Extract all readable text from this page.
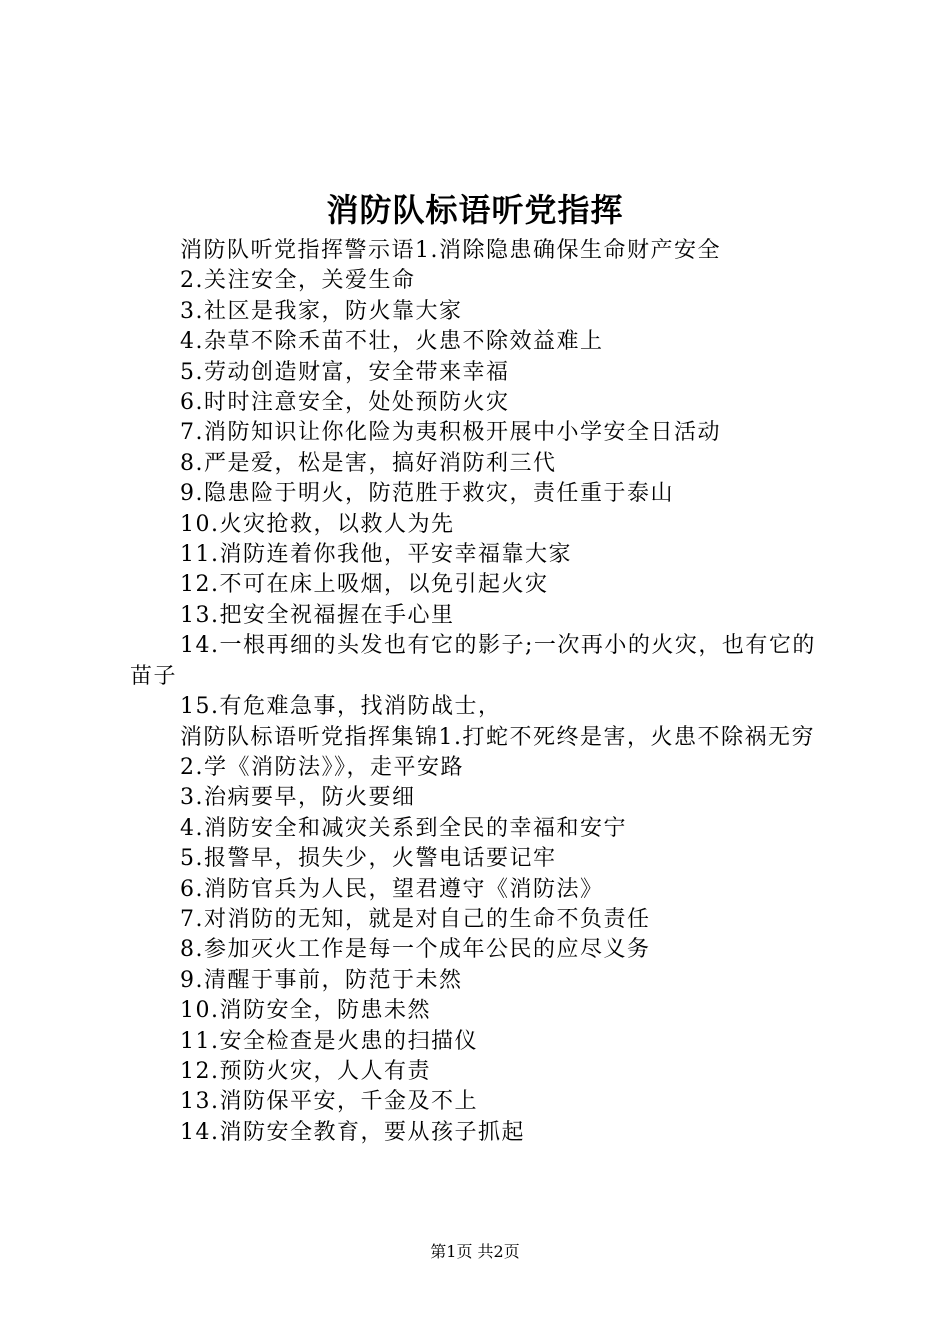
消防队标语听党指挥

消防队听党指挥警示语1.消除隐患确保生命财产安全

2.关注安全，关爱生命

3.社区是我家，防火靠大家

4.杂草不除禾苗不壮，火患不除效益难上

5.劳动创造财富，安全带来幸福

6.时时注意安全，处处预防火灾

7.消防知识让你化险为夷积极开展中小学安全日活动

8.严是爱，松是害，搞好消防利三代

9.隐患险于明火，防范胜于救灾，责任重于泰山

10.火灾抢救，以救人为先

11.消防连着你我他，平安幸福靠大家

12.不可在床上吸烟，以免引起火灾

13.把安全祝福握在手心里

14.一根再细的头发也有它的影子;一次再小的火灾，也有它的苗子

15.有危难急事，找消防战士，

消防队标语听党指挥集锦1.打蛇不死终是害，火患不除祸无穷

2.学《消防法》》，走平安路

3.治病要早，防火要细

4.消防安全和减灾关系到全民的幸福和安宁

5.报警早，损失少，火警电话要记牢

6.消防官兵为人民，望君遵守《消防法》

7.对消防的无知，就是对自己的生命不负责任

8.参加灭火工作是每一个成年公民的应尽义务

9.清醒于事前，防范于未然

10.消防安全，防患未然

11.安全检查是火患的扫描仪

12.预防火灾，人人有责

13.消防保平安，千金及不上

14.消防安全教育，要从孩子抓起

第1页 共2页
